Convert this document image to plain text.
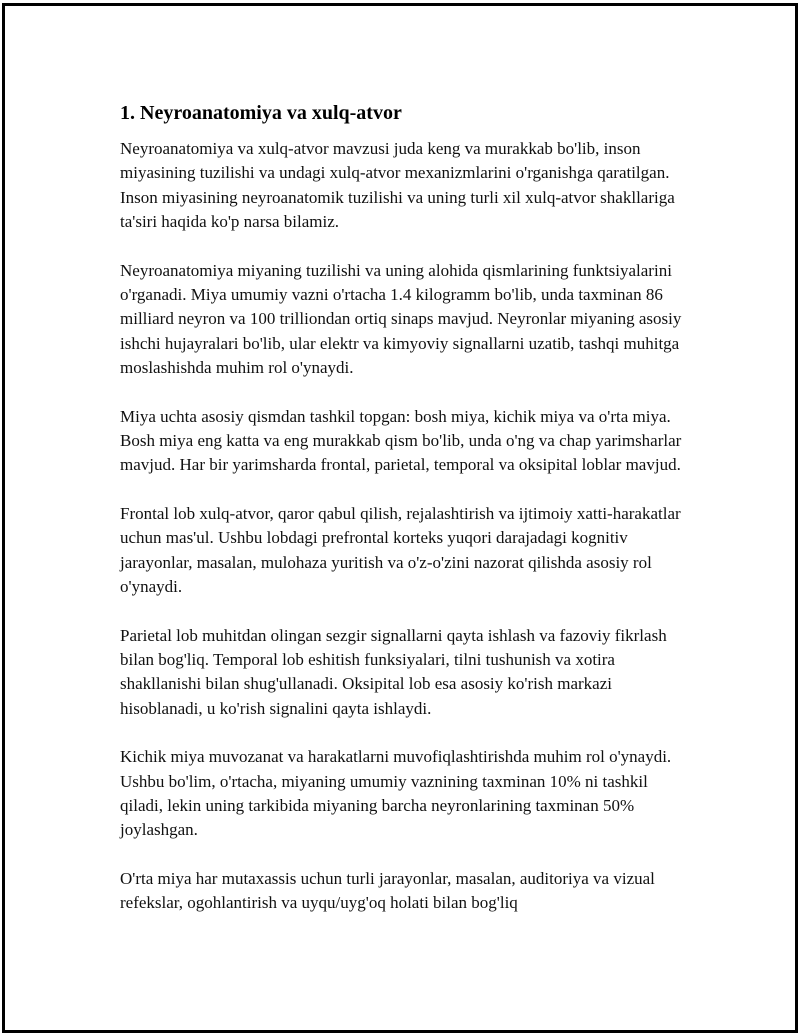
1. Neyroanatomiya va xulq-atvor

Neyroanatomiya va xulq-atvor mavzusi juda keng va murakkab bo'lib, inson miyasining tuzilishi va undagi xulq-atvor mexanizmlarini o'rganishga qaratilgan. Inson miyasining neyroanatomik tuzilishi va uning turli xil xulq-atvor shakllariga ta'siri haqida ko'p narsa bilamiz.

Neyroanatomiya miyaning tuzilishi va uning alohida qismlarining funktsiyalarini o'rganadi. Miya umumiy vazni o'rtacha 1.4 kilogramm bo'lib, unda taxminan 86 milliard neyron va 100 trilliondan ortiq sinaps mavjud. Neyronlar miyaning asosiy ishchi hujayralari bo'lib, ular elektr va kimyoviy signallarni uzatib, tashqi muhitga moslashishda muhim rol o'ynaydi.

Miya uchta asosiy qismdan tashkil topgan: bosh miya, kichik miya va o'rta miya. Bosh miya eng katta va eng murakkab qism bo'lib, unda o'ng va chap yarimsharlar mavjud. Har bir yarimsharda frontal, parietal, temporal va oksipital loblar mavjud.

Frontal lob xulq-atvor, qaror qabul qilish, rejalashtirish va ijtimoiy xatti-harakatlar uchun mas'ul. Ushbu lobdagi prefrontal korteks yuqori darajadagi kognitiv jarayonlar, masalan, mulohaza yuritish va o'z-o'zini nazorat qilishda asosiy rol o'ynaydi.

Parietal lob muhitdan olingan sezgir signallarni qayta ishlash va fazoviy fikrlash bilan bog'liq. Temporal lob eshitish funksiyalari, tilni tushunish va xotira shakllanishi bilan shug'ullanadi. Oksipital lob esa asosiy ko'rish markazi hisoblanadi, u ko'rish signalini qayta ishlaydi.

Kichik miya muvozanat va harakatlarni muvofiqlashtirishda muhim rol o'ynaydi. Ushbu bo'lim, o'rtacha, miyaning umumiy vaznining taxminan 10% ni tashkil qiladi, lekin uning tarkibida miyaning barcha neyronlarining taxminan 50% joylashgan.

O'rta miya har mutaxassis uchun turli jarayonlar, masalan, auditoriya va vizual refekslar, ogohlantirish va uyqu/uyg'oq holati bilan bog'liq
